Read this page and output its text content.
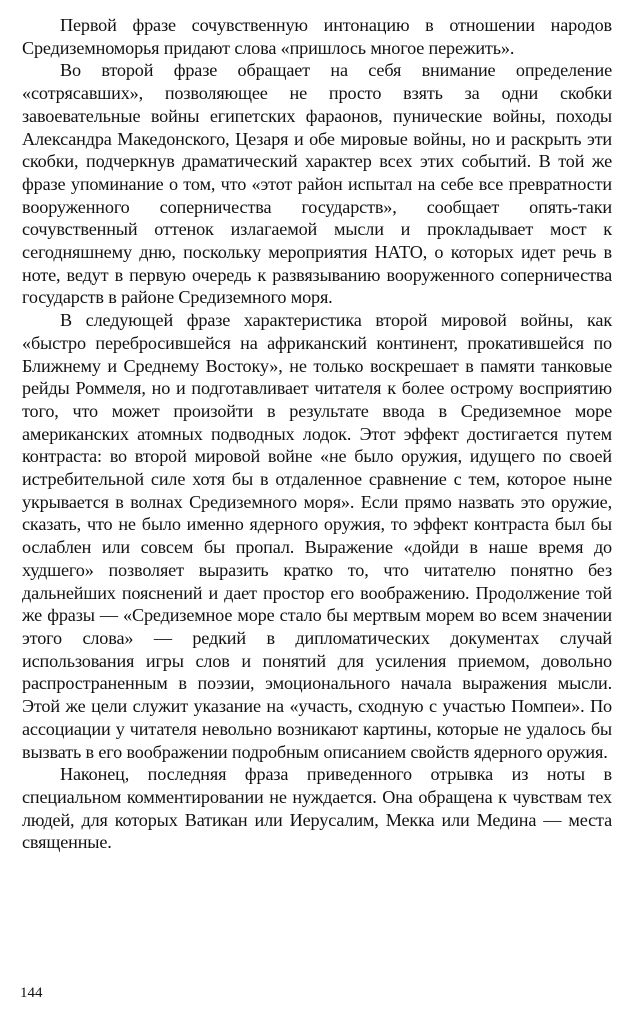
Первой фразе сочувственную интонацию в отношении народов Средиземноморья придают слова «пришлось многое пережить».

Во второй фразе обращает на себя внимание определение «сотрясавших», позволяющее не просто взять за одни скобки завоевательные войны египетских фараонов, пунические войны, походы Александра Македонского, Цезаря и обе мировые войны, но и раскрыть эти скобки, подчеркнув драматический характер всех этих событий. В той же фразе упоминание о том, что «этот район испытал на себе все превратности вооруженного соперничества государств», сообщает опять-таки сочувственный оттенок излагаемой мысли и прокладывает мост к сегодняшнему дню, поскольку мероприятия НАТО, о которых идет речь в ноте, ведут в первую очередь к развязыванию вооруженного соперничества государств в районе Средиземного моря.

В следующей фразе характеристика второй мировой войны, как «быстро перебросившейся на африканский континент, прокатившейся по Ближнему и Среднему Востоку», не только воскрешает в памяти танковые рейды Роммеля, но и подготавливает читателя к более острому восприятию того, что может произойти в результате ввода в Средиземное море американских атомных подводных лодок. Этот эффект достигается путем контраста: во второй мировой войне «не было оружия, идущего по своей истребительной силе хотя бы в отдаленное сравнение с тем, которое ныне укрывается в волнах Средиземного моря». Если прямо назвать это оружие, сказать, что не было именно ядерного оружия, то эффект контраста был бы ослаблен или совсем бы пропал. Выражение «дойди в наше время до худшего» позволяет выразить кратко то, что читателю понятно без дальнейших пояснений и дает простор его воображению. Продолжение той же фразы — «Средиземное море стало бы мертвым морем во всем значении этого слова» — редкий в дипломатических документах случай использования игры слов и понятий для усиления приемом, довольно распространенным в поэзии, эмоционального начала выражения мысли. Этой же цели служит указание на «участь, сходную с участью Помпеи». По ассоциации у читателя невольно возникают картины, которые не удалось бы вызвать в его воображении подробным описанием свойств ядерного оружия.

Наконец, последняя фраза приведенного отрывка из ноты в специальном комментировании не нуждается. Она обращена к чувствам тех людей, для которых Ватикан или Иерусалим, Мекка или Медина — места священные.

144
